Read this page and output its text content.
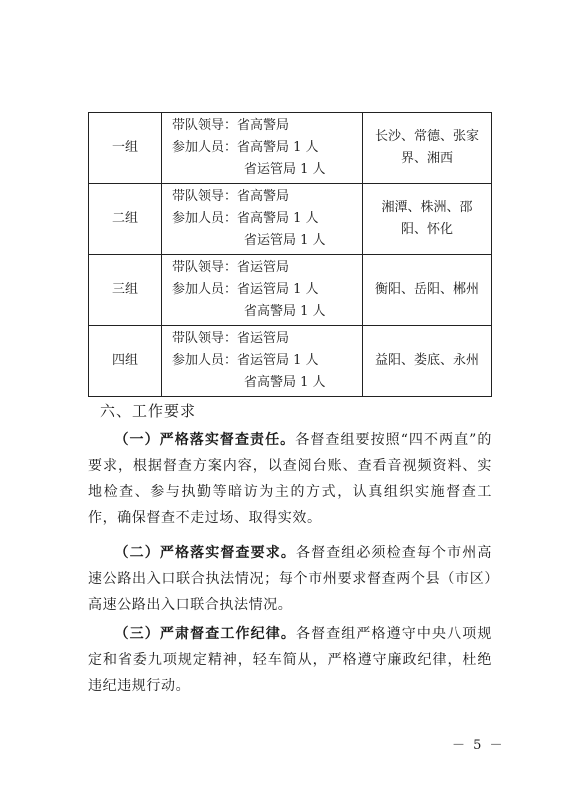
一组	带队领导：省高警局
参加人员：省高警局 1 人
省运管局 1 人	长沙、常德、张家界、湘西
二组	带队领导：省高警局
参加人员：省高警局 1 人
省运管局 1 人	湘潭、株洲、邵阳、怀化
三组	带队领导：省运管局
参加人员：省运管局 1 人
省高警局 1 人	衡阳、岳阳、郴州
四组	带队领导：省运管局
参加人员：省运管局 1 人
省高警局 1 人	益阳、娄底、永州
六、工作要求
（一）严格落实督查责任。各督查组要按照“四不两直”的要求，根据督查方案内容，以查阅台账、查看音视频资料、实地检查、参与执勤等暗访为主的方式，认真组织实施督查工作，确保督查不走过场、取得实效。
（二）严格落实督查要求。各督查组必须检查每个市州高速公路出入口联合执法情况；每个市州要求督查两个县（市区）高速公路出入口联合执法情况。
（三）严肃督查工作纪律。各督查组严格遵守中央八项规定和省委九项规定精神，轻车简从，严格遵守廉政纪律，杜绝违纪违规行动。
－ 5 －
